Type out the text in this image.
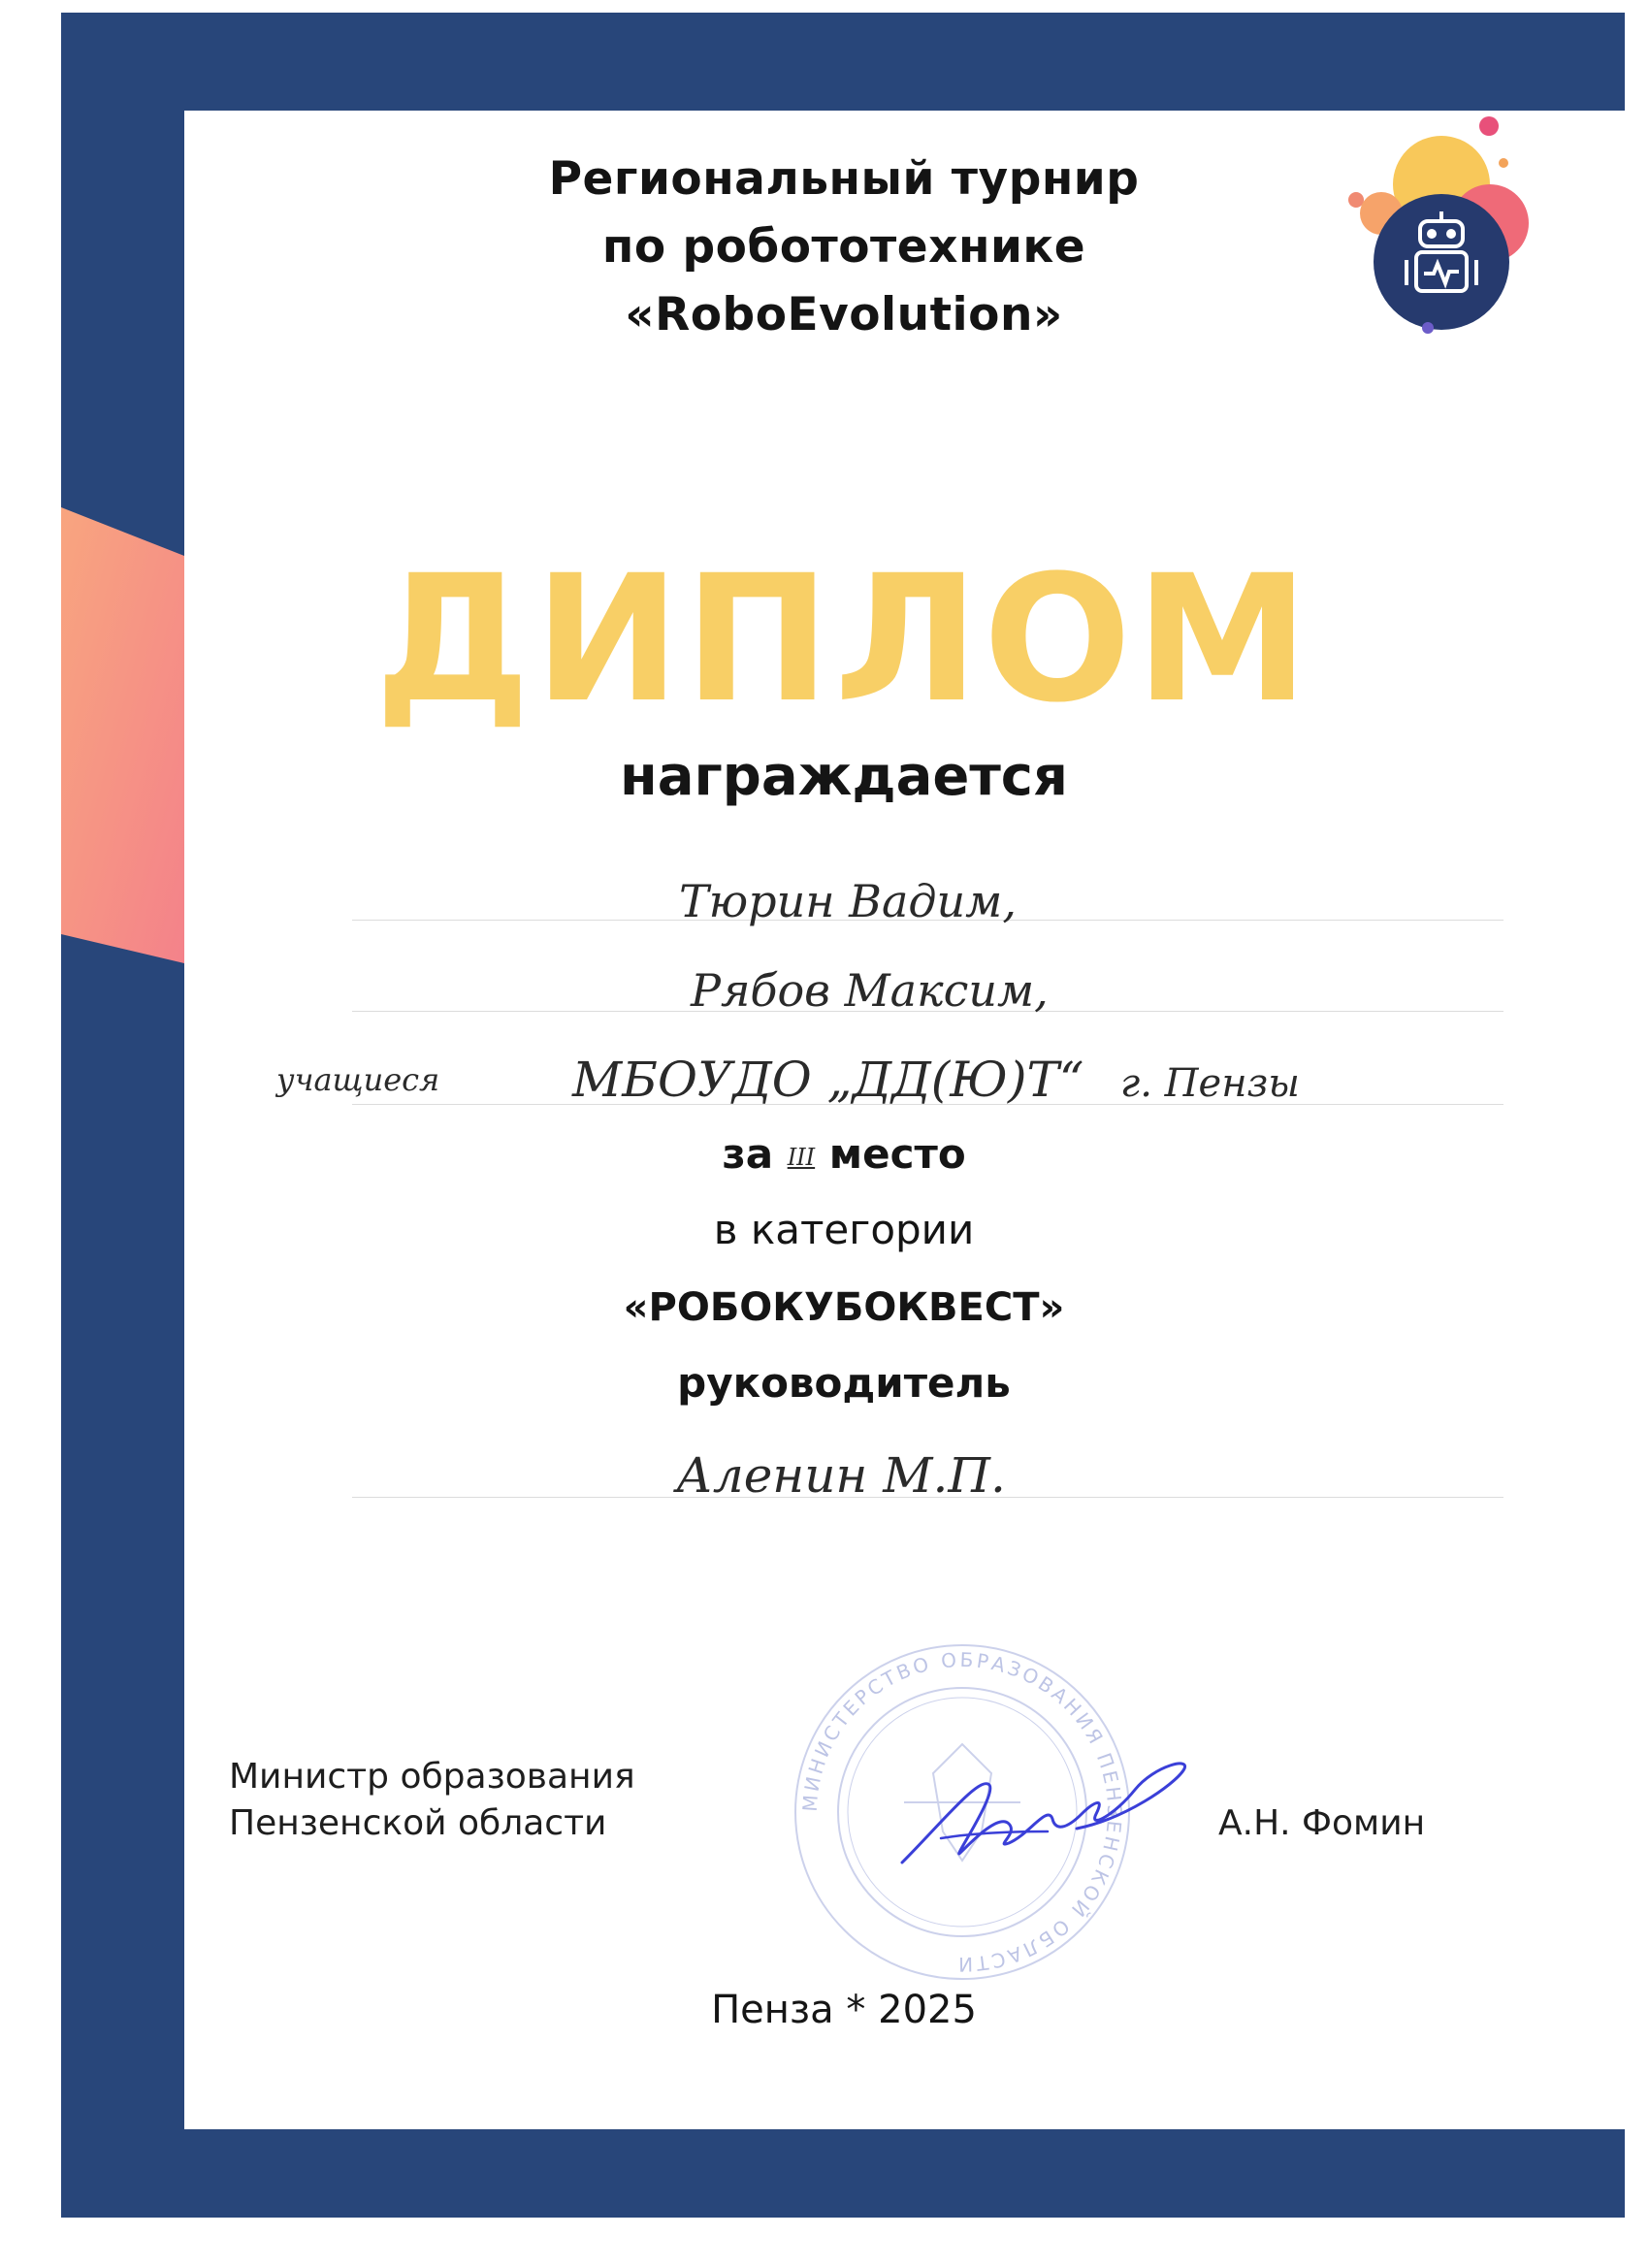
Региональный турнир
по робототехнике
«RoboEvolution»
ДИПЛОМ
награждается
Тюрин Вадим,
Рябов Максим,
учащиеся	МБОУДО „ДД(Ю)Т“ г. Пензы
за III место
в категории
«РОБОКУБОКВЕСТ»
руководитель
Аленин М.П.
Министр образования
Пензенской области	А.Н. Фомин
МИНИСТЕРСТВО ОБРАЗОВАНИЯ ПЕНЗЕНСКОЙ ОБЛАСТИ
Пенза * 2025
